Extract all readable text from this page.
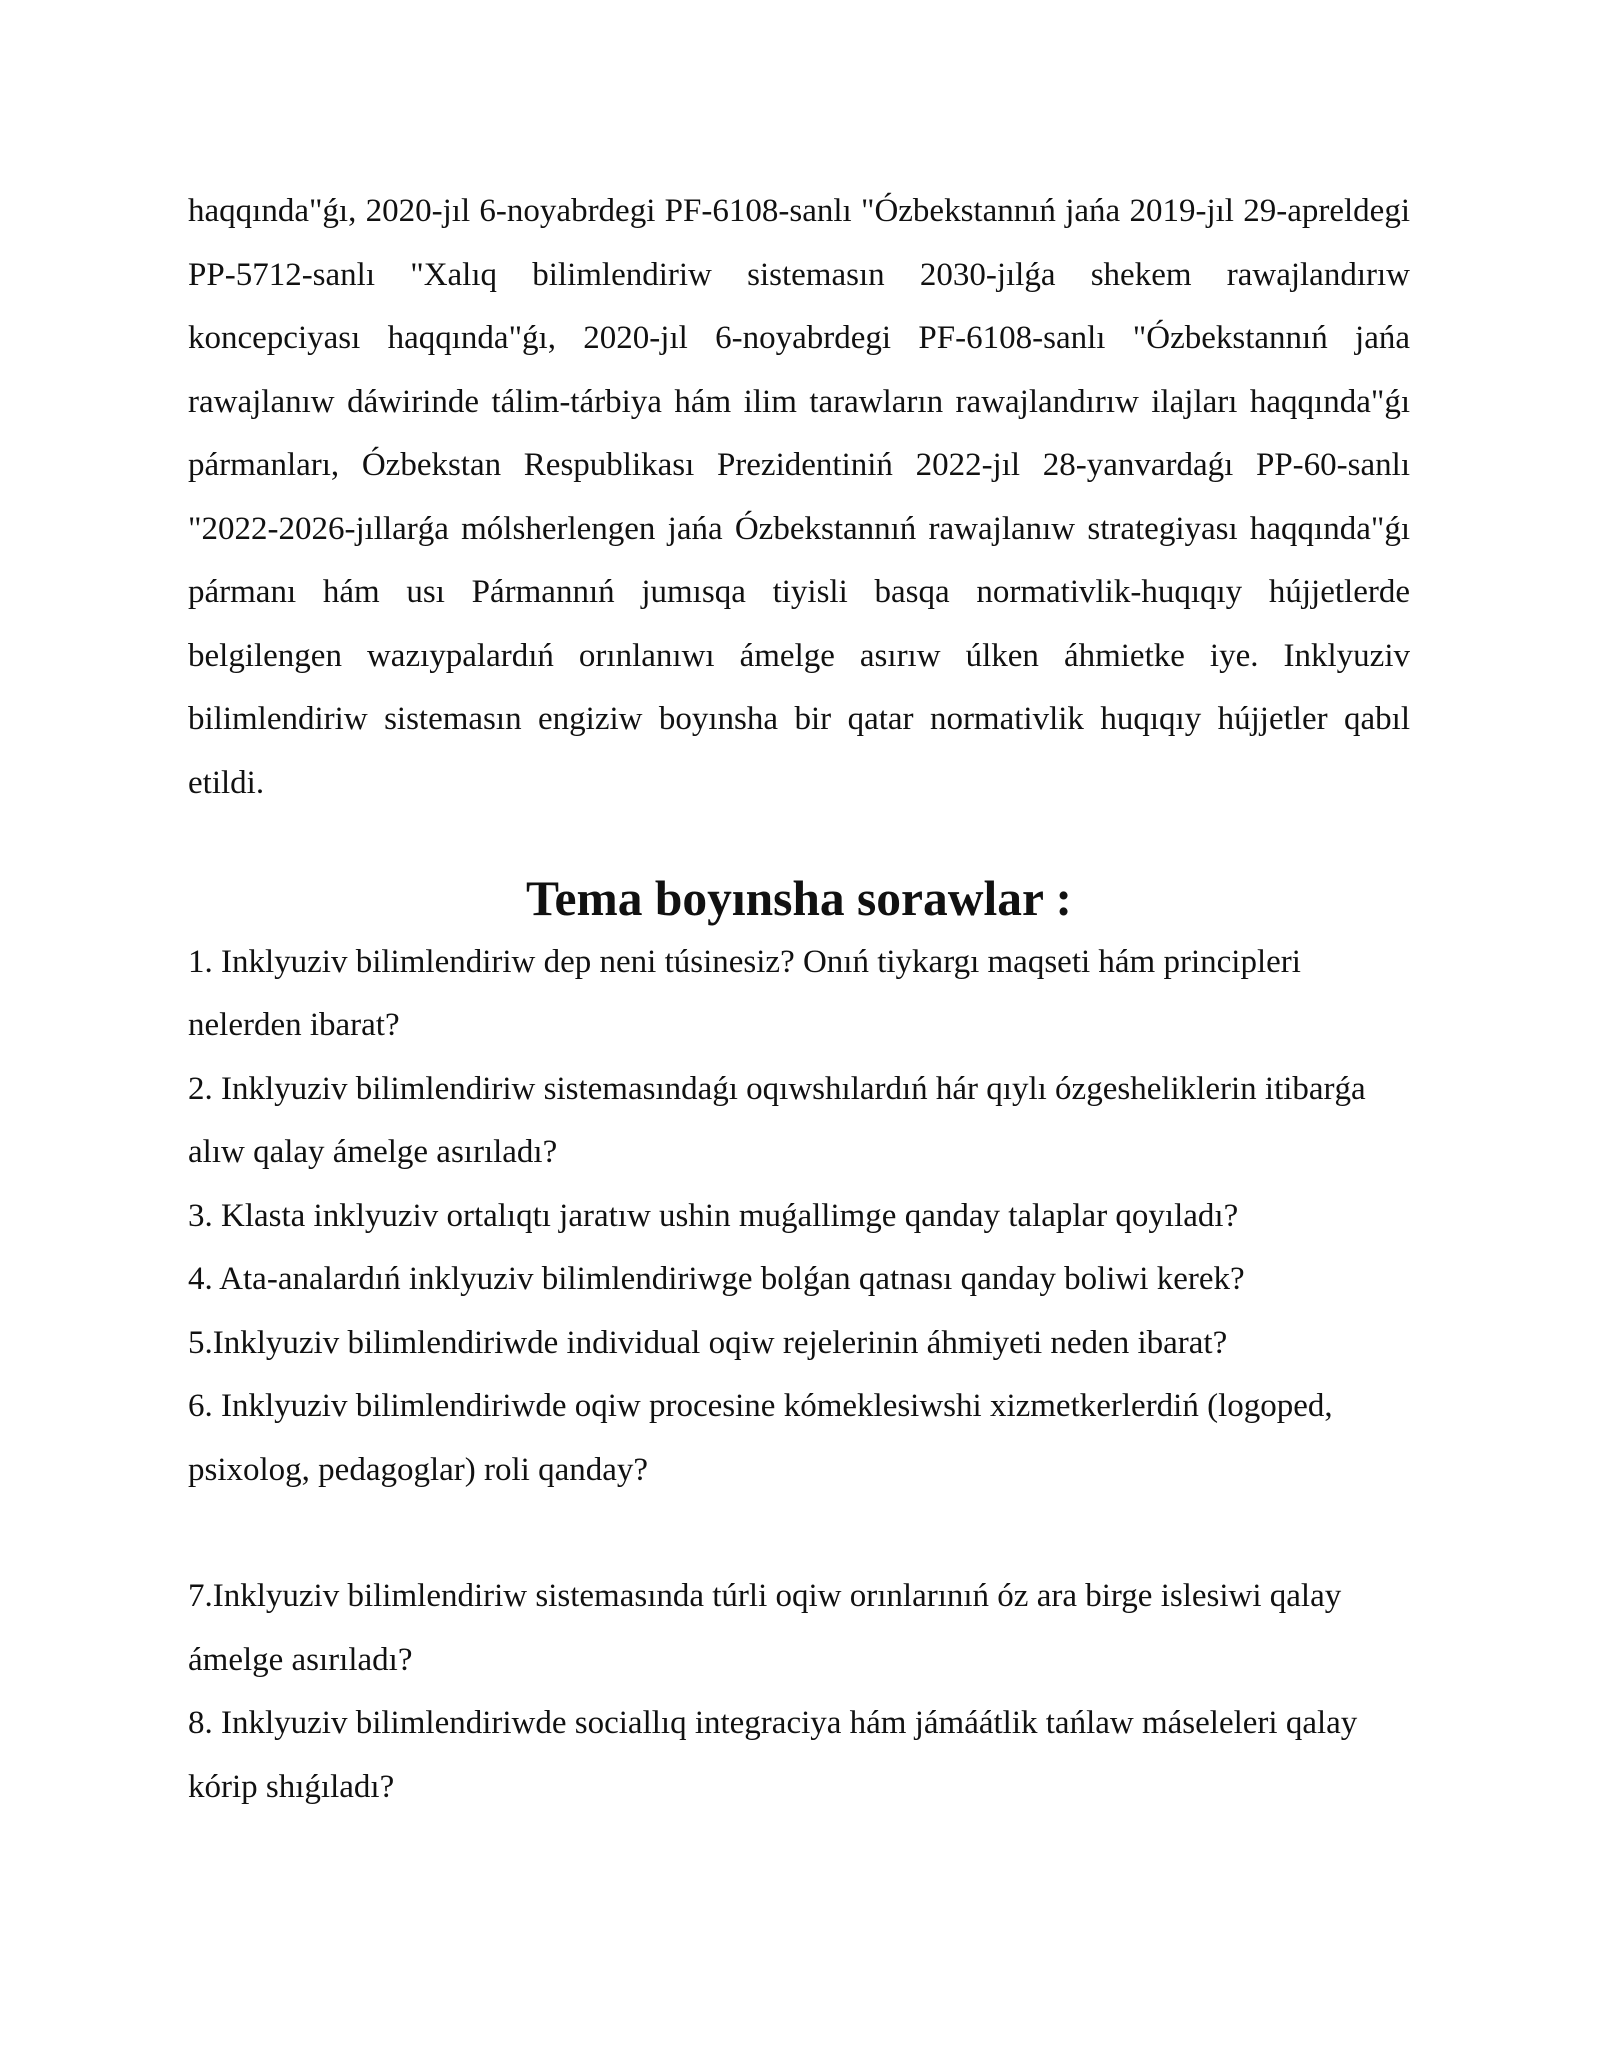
haqqında"ǵı, 2020-jıl 6-noyabrdegi PF-6108-sanlı "Ózbekstannıń jańa 2019-jıl 29-apreldegi PP-5712-sanlı "Xalıq bilimlendiriw sistemasın 2030-jılǵa shekem rawajlandırıw koncepciyası haqqında"ǵı, 2020-jıl 6-noyabrdegi PF-6108-sanlı "Ózbekstannıń jańa rawajlanıw dáwirinde tálim-tárbiya hám ilim tarawların rawajlandırıw ilajları haqqında"ǵı pármanları, Ózbekstan Respublikası Prezidentiniń 2022-jıl 28-yanvardaǵı PP-60-sanlı "2022-2026-jıllarǵa mólsherlengen jańa Ózbekstannıń rawajlanıw strategiyası haqqında"ǵı pármanı hám usı Pármannıń jumısqa tiyisli basqa normativlik-huqıqıy hújjetlerde belgilengen wazıypalardıń orınlanıwı ámelge asırıw úlken áhmietke iye. Inklyuziv bilimlendiriw sistemasın engiziw boyınsha bir qatar normativlik huqıqıy hújjetler qabıl etildi.

Tema boyınsha sorawlar :

1. Inklyuziv bilimlendiriw dep neni túsinesiz? Onıń tiykargı maqseti hám principleri nelerden ibarat?

2. Inklyuziv bilimlendiriw sistemasındaǵı oqıwshılardıń hár qıylı ózgesheliklerin itibarǵa alıw qalay ámelge asırıladı?

3. Klasta inklyuziv ortalıqtı jaratıw ushin muǵallimge qanday talaplar qoyıladı?

4. Ata-analardıń inklyuziv bilimlendiriwge bolǵan qatnası qanday boliwi kerek?

5.Inklyuziv bilimlendiriwde individual oqiw rejelerinin áhmiyeti neden ibarat?

6. Inklyuziv bilimlendiriwde oqiw procesine kómeklesiwshi xizmetkerlerdiń (logoped, psixolog, pedagoglar) roli qanday?

7.Inklyuziv bilimlendiriw sistemasında túrli oqiw orınlarınıń óz ara birge islesiwi qalay ámelge asırıladı?

8. Inklyuziv bilimlendiriwde sociallıq integraciya hám jámáátlik tańlaw máseleleri qalay kórip shıǵıladı?
